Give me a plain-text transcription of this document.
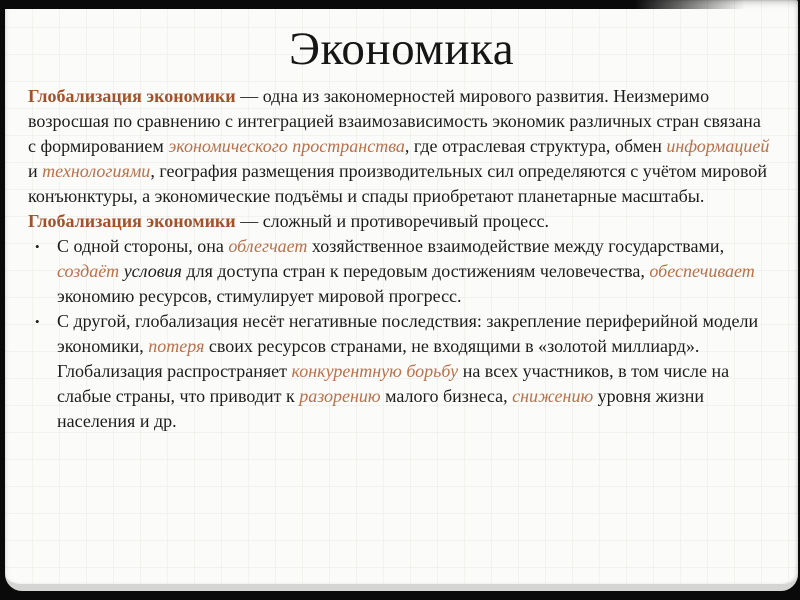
Экономика
Глобализация экономики — одна из закономерностей мирового развития. Неизмеримо возросшая по сравнению с интеграцией взаимозависимость экономик различных стран связана с формированием экономического пространства, где отраслевая структура, обмен информацией и технологиями, география размещения производительных сил определяются с учётом мировой конъюнктуры, а экономические подъёмы и спады приобретают планетарные масштабы.
Глобализация экономики — сложный и противоречивый процесс.
• С одной стороны, она облегчает хозяйственное взаимодействие между государствами, создаёт условия для доступа стран к передовым достижениям человечества, обеспечивает экономию ресурсов, стимулирует мировой прогресс.
• С другой, глобализация несёт негативные последствия: закрепление периферийной модели экономики, потеря своих ресурсов странами, не входящими в «золотой миллиард». Глобализация распространяет конкурентную борьбу на всех участников, в том числе на слабые страны, что приводит к разорению малого бизнеса, снижению уровня жизни населения и др.
